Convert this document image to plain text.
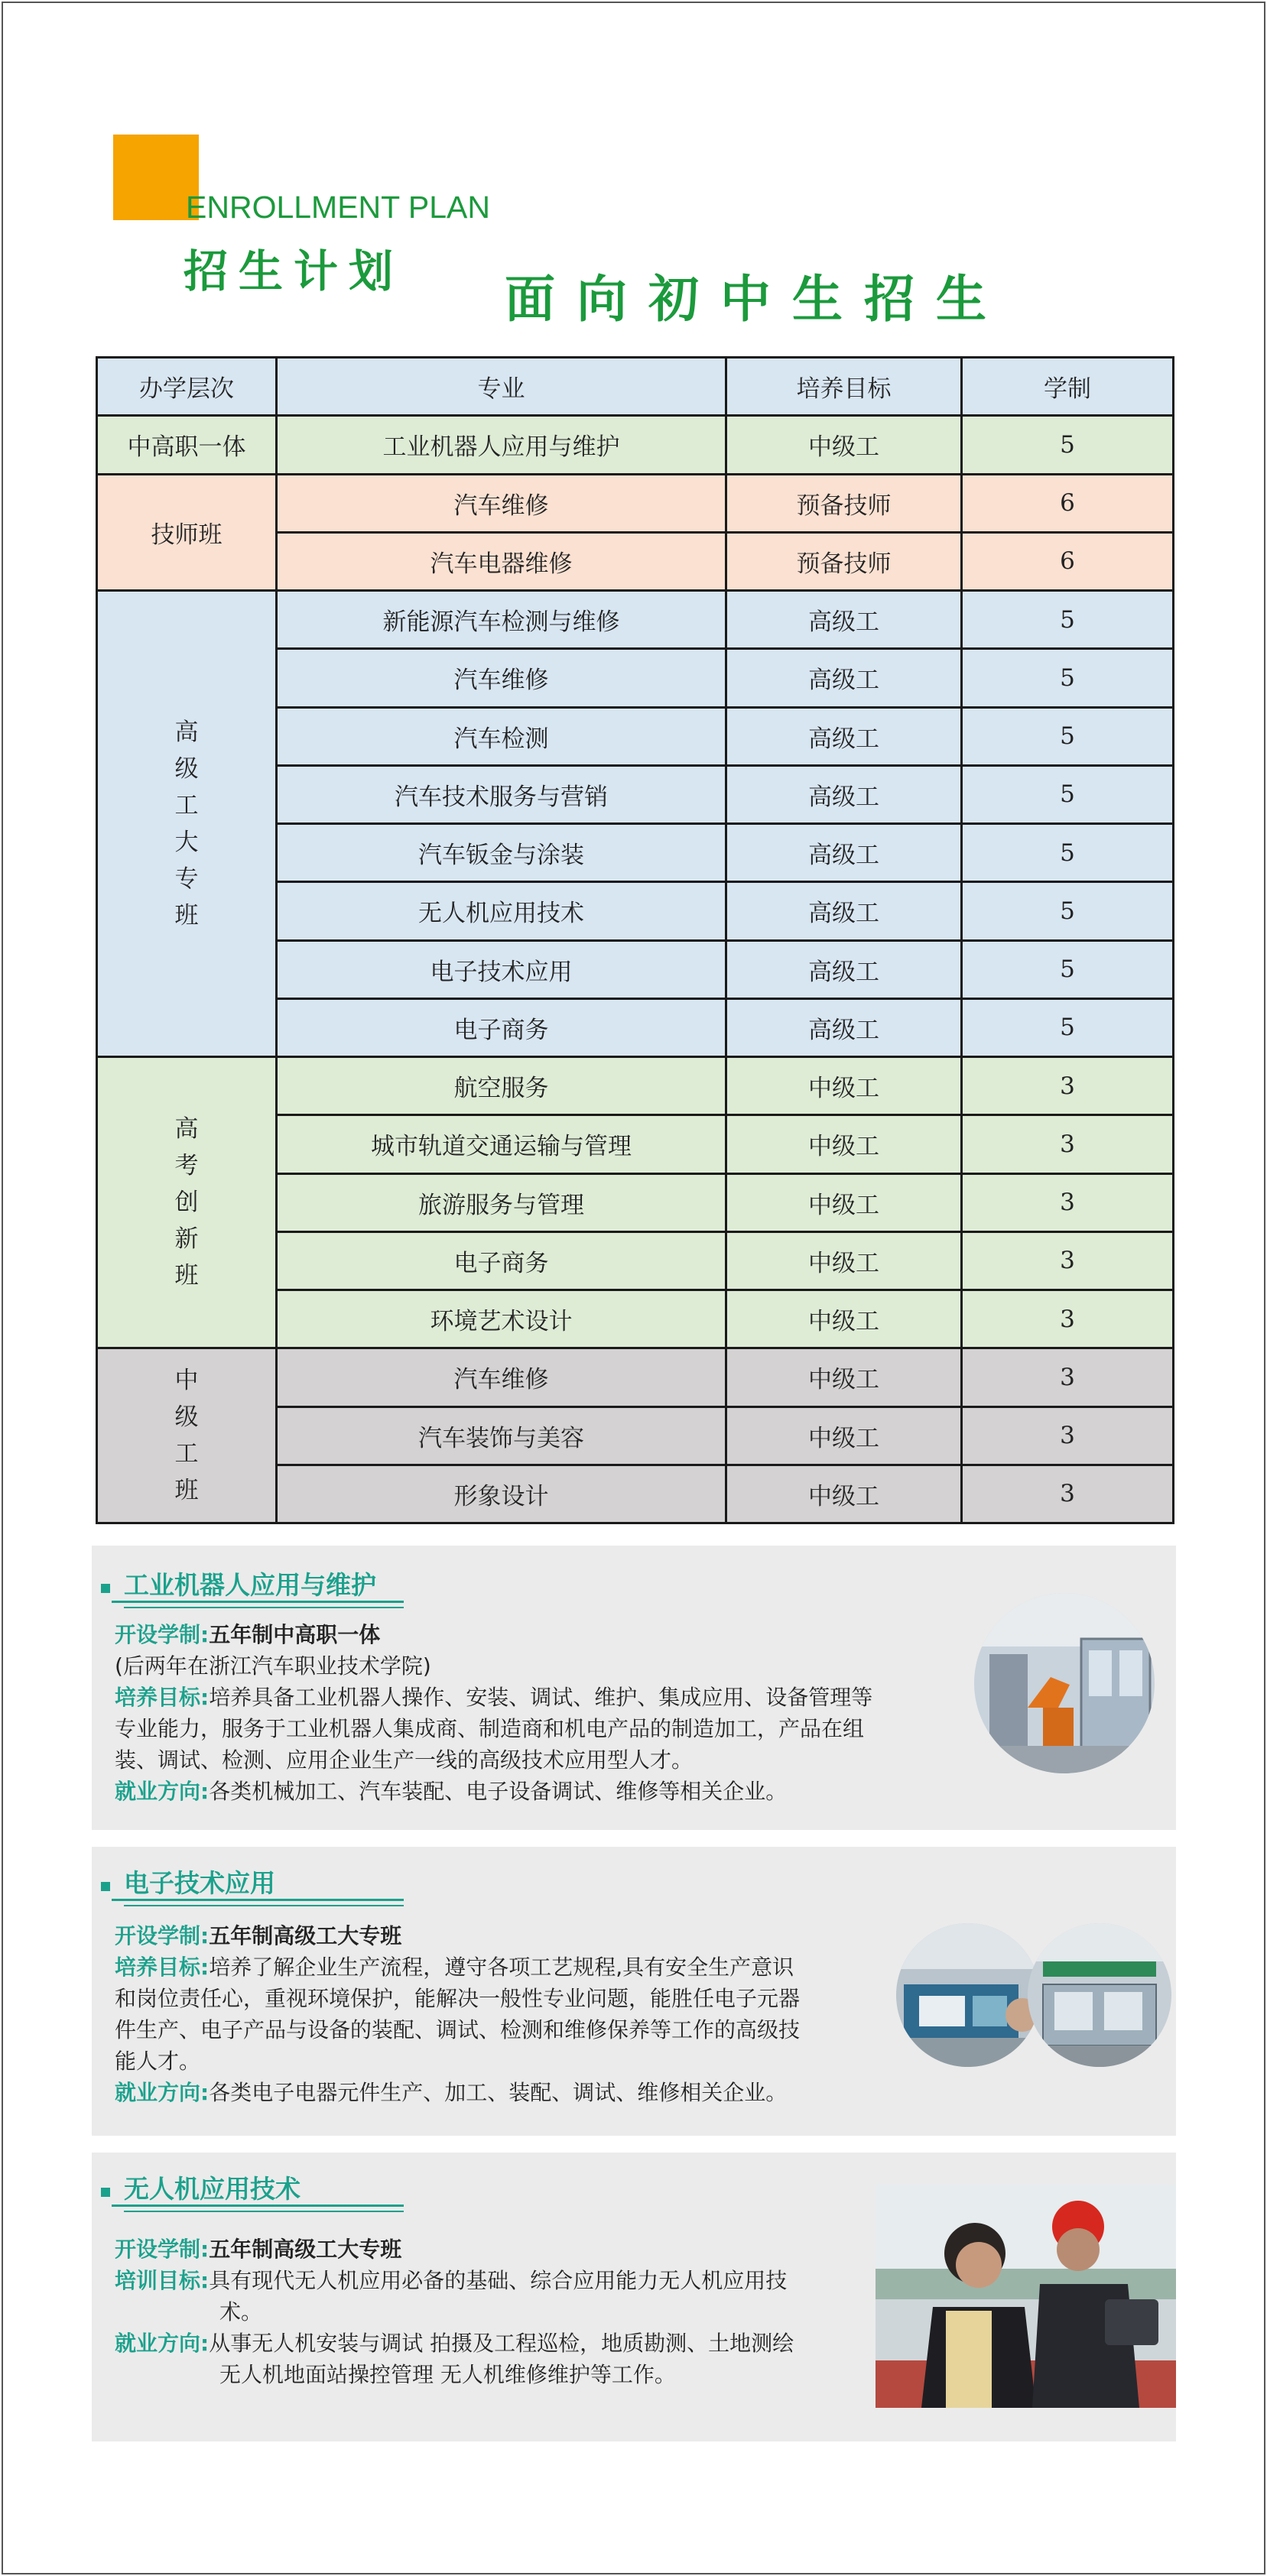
ENROLLMENT PLAN
招生计划 面向初中生招生
办学层次	专业	培养目标	学制
中高职一体	工业机器人应用与维护	中级工	5
技师班	汽车维修	预备技师	6
	汽车电器维修	预备技师	6
高级工大专班	新能源汽车检测与维修	高级工	5
	汽车维修	高级工	5
	汽车检测	高级工	5
	汽车技术服务与营销	高级工	5
	汽车钣金与涂装	高级工	5
	无人机应用技术	高级工	5
	电子技术应用	高级工	5
	电子商务	高级工	5
高考创新班	航空服务	中级工	3
	城市轨道交通运输与管理	中级工	3
	旅游服务与管理	中级工	3
	电子商务	中级工	3
	环境艺术设计	中级工	3
中级工班	汽车维修	中级工	3
	汽车装饰与美容	中级工	3
	形象设计	中级工	3
工业机器人应用与维护
开设学制:五年制中高职一体
(后两年在浙江汽车职业技术学院)
培养目标:培养具备工业机器人操作、安装、调试、维护、集成应用、设备管理等
专业能力，服务于工业机器人集成商、制造商和机电产品的制造加工，产品在组
装、调试、检测、应用企业生产一线的高级技术应用型人才。
就业方向:各类机械加工、汽车装配、电子设备调试、维修等相关企业。
电子技术应用
开设学制:五年制高级工大专班
培养目标:培养了解企业生产流程，遵守各项工艺规程,具有安全生产意识
和岗位责任心，重视环境保护，能解决一般性专业问题，能胜任电子元器
件生产、电子产品与设备的装配、调试、检测和维修保养等工作的高级技
能人才。
就业方向:各类电子电器元件生产、加工、装配、调试、维修相关企业。
无人机应用技术
开设学制:五年制高级工大专班
培训目标:具有现代无人机应用必备的基础、综合应用能力无人机应用技
术。
就业方向:从事无人机安装与调试 拍摄及工程巡检，地质勘测、土地测绘
无人机地面站操控管理 无人机维修维护等工作。
